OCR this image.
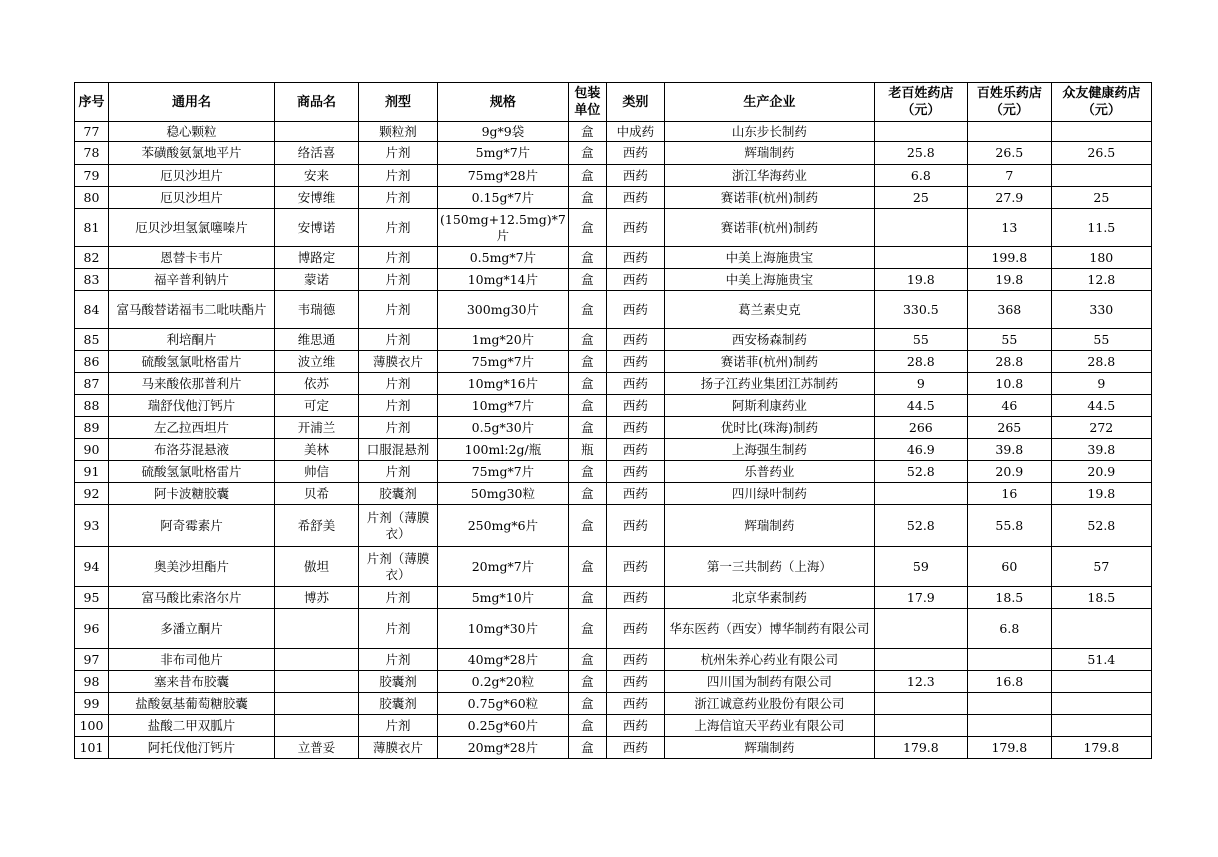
序号	通用名	商品名	剂型	规格	包装单位	类别	生产企业	老百姓药店（元）	百姓乐药店（元）	众友健康药店（元）
77	稳心颗粒		颗粒剂	9g*9袋	盒	中成药	山东步长制药			
78	苯磺酸氨氯地平片	络活喜	片剂	5mg*7片	盒	西药	辉瑞制药	25.8	26.5	26.5
79	厄贝沙坦片	安来	片剂	75mg*28片	盒	西药	浙江华海药业	6.8	7	
80	厄贝沙坦片	安博维	片剂	0.15g*7片	盒	西药	赛诺菲(杭州)制药	25	27.9	25
81	厄贝沙坦氢氯噻嗪片	安博诺	片剂	(150mg+12.5mg)*7片	盒	西药	赛诺菲(杭州)制药		13	11.5
82	恩替卡韦片	博路定	片剂	0.5mg*7片	盒	西药	中美上海施贵宝		199.8	180
83	福辛普利钠片	蒙诺	片剂	10mg*14片	盒	西药	中美上海施贵宝	19.8	19.8	12.8
84	富马酸替诺福韦二吡呋酯片	韦瑞德	片剂	300mg30片	盒	西药	葛兰素史克	330.5	368	330
85	利培酮片	维思通	片剂	1mg*20片	盒	西药	西安杨森制药	55	55	55
86	硫酸氢氯吡格雷片	波立维	薄膜衣片	75mg*7片	盒	西药	赛诺菲(杭州)制药	28.8	28.8	28.8
87	马来酸依那普利片	依苏	片剂	10mg*16片	盒	西药	扬子江药业集团江苏制药	9	10.8	9
88	瑞舒伐他汀钙片	可定	片剂	10mg*7片	盒	西药	阿斯利康药业	44.5	46	44.5
89	左乙拉西坦片	开浦兰	片剂	0.5g*30片	盒	西药	优时比(珠海)制药	266	265	272
90	布洛芬混悬液	美林	口服混悬剂	100ml:2g/瓶	瓶	西药	上海强生制药	46.9	39.8	39.8
91	硫酸氢氯吡格雷片	帅信	片剂	75mg*7片	盒	西药	乐普药业	52.8	20.9	20.9
92	阿卡波糖胶囊	贝希	胶囊剂	50mg30粒	盒	西药	四川绿叶制药		16	19.8
93	阿奇霉素片	希舒美	片剂（薄膜衣）	250mg*6片	盒	西药	辉瑞制药	52.8	55.8	52.8
94	奥美沙坦酯片	傲坦	片剂（薄膜衣）	20mg*7片	盒	西药	第一三共制药（上海）	59	60	57
95	富马酸比索洛尔片	博苏	片剂	5mg*10片	盒	西药	北京华素制药	17.9	18.5	18.5
96	多潘立酮片		片剂	10mg*30片	盒	西药	华东医药（西安）博华制药有限公司		6.8	
97	非布司他片		片剂	40mg*28片	盒	西药	杭州朱养心药业有限公司			51.4
98	塞来昔布胶囊		胶囊剂	0.2g*20粒	盒	西药	四川国为制药有限公司	12.3	16.8	
99	盐酸氨基葡萄糖胶囊		胶囊剂	0.75g*60粒	盒	西药	浙江诚意药业股份有限公司			
100	盐酸二甲双胍片		片剂	0.25g*60片	盒	西药	上海信谊天平药业有限公司			
101	阿托伐他汀钙片	立普妥	薄膜衣片	20mg*28片	盒	西药	辉瑞制药	179.8	179.8	179.8
